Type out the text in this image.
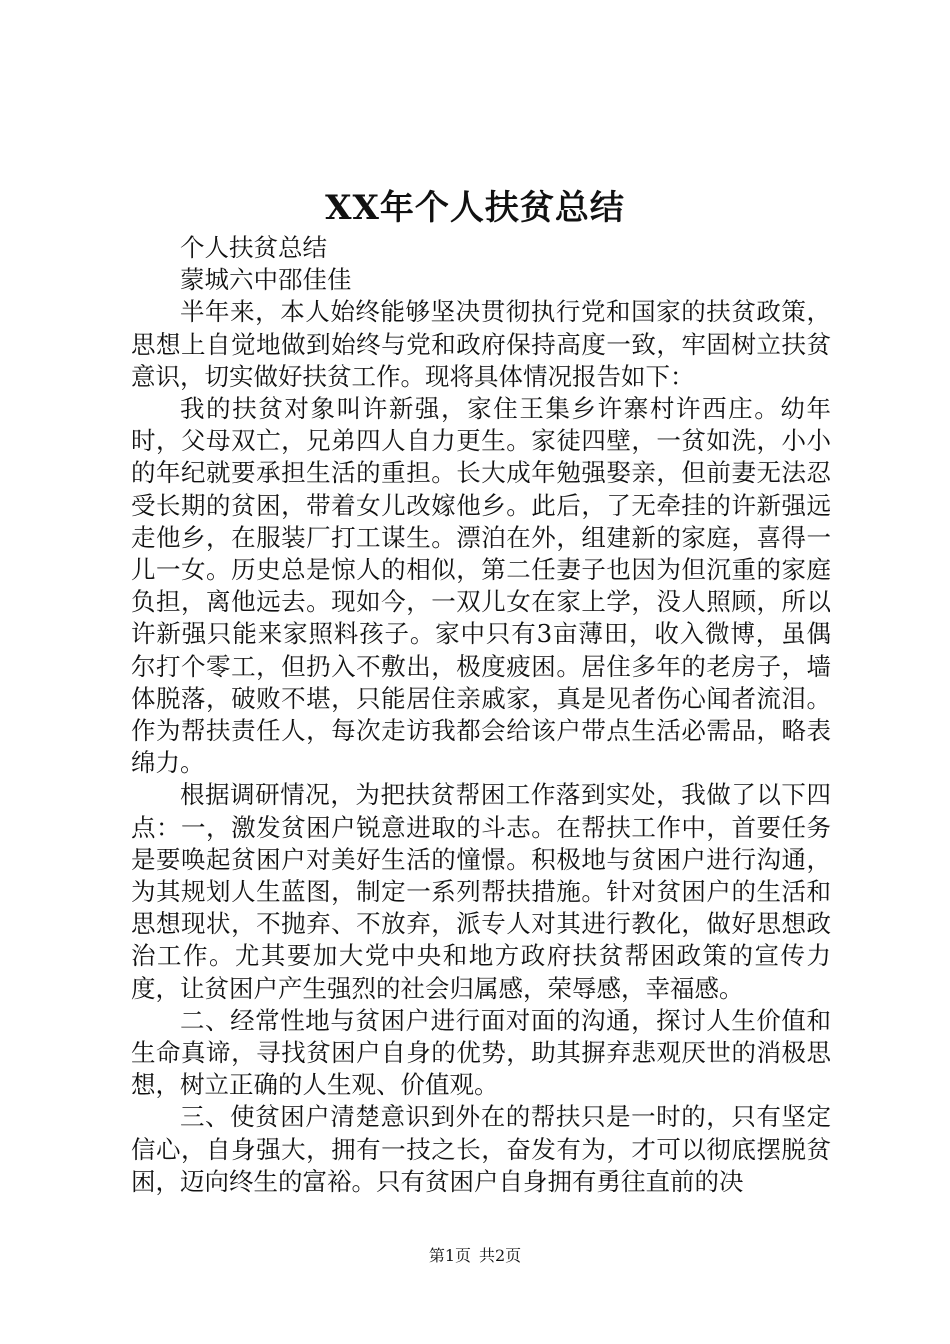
XX年个人扶贫总结

个人扶贫总结

蒙城六中邵佳佳

半年来，本人始终能够坚决贯彻执行党和国家的扶贫政策，思想上自觉地做到始终与党和政府保持高度一致，牢固树立扶贫意识，切实做好扶贫工作。现将具体情况报告如下：

我的扶贫对象叫许新强，家住王集乡许寨村许西庄。幼年时，父母双亡，兄弟四人自力更生。家徒四壁，一贫如洗，小小的年纪就要承担生活的重担。长大成年勉强娶亲，但前妻无法忍受长期的贫困，带着女儿改嫁他乡。此后，了无牵挂的许新强远走他乡，在服装厂打工谋生。漂泊在外，组建新的家庭，喜得一儿一女。历史总是惊人的相似，第二任妻子也因为但沉重的家庭负担，离他远去。现如今，一双儿女在家上学，没人照顾，所以许新强只能来家照料孩子。家中只有3亩薄田，收入微博，虽偶尔打个零工，但扔入不敷出，极度疲困。居住多年的老房子，墙体脱落，破败不堪，只能居住亲戚家，真是见者伤心闻者流泪。作为帮扶责任人，每次走访我都会给该户带点生活必需品，略表绵力。

根据调研情况，为把扶贫帮困工作落到实处，我做了以下四点：一，激发贫困户锐意进取的斗志。在帮扶工作中，首要任务是要唤起贫困户对美好生活的憧憬。积极地与贫困户进行沟通，为其规划人生蓝图，制定一系列帮扶措施。针对贫困户的生活和思想现状，不抛弃、不放弃，派专人对其进行教化，做好思想政治工作。尤其要加大党中央和地方政府扶贫帮困政策的宣传力度，让贫困户产生强烈的社会归属感，荣辱感，幸福感。

二、经常性地与贫困户进行面对面的沟通，探讨人生价值和生命真谛，寻找贫困户自身的优势，助其摒弃悲观厌世的消极思想，树立正确的人生观、价值观。

三、使贫困户清楚意识到外在的帮扶只是一时的，只有坚定信心，自身强大，拥有一技之长，奋发有为，才可以彻底摆脱贫困，迈向终生的富裕。只有贫困户自身拥有勇往直前的决

第1页 共2页
